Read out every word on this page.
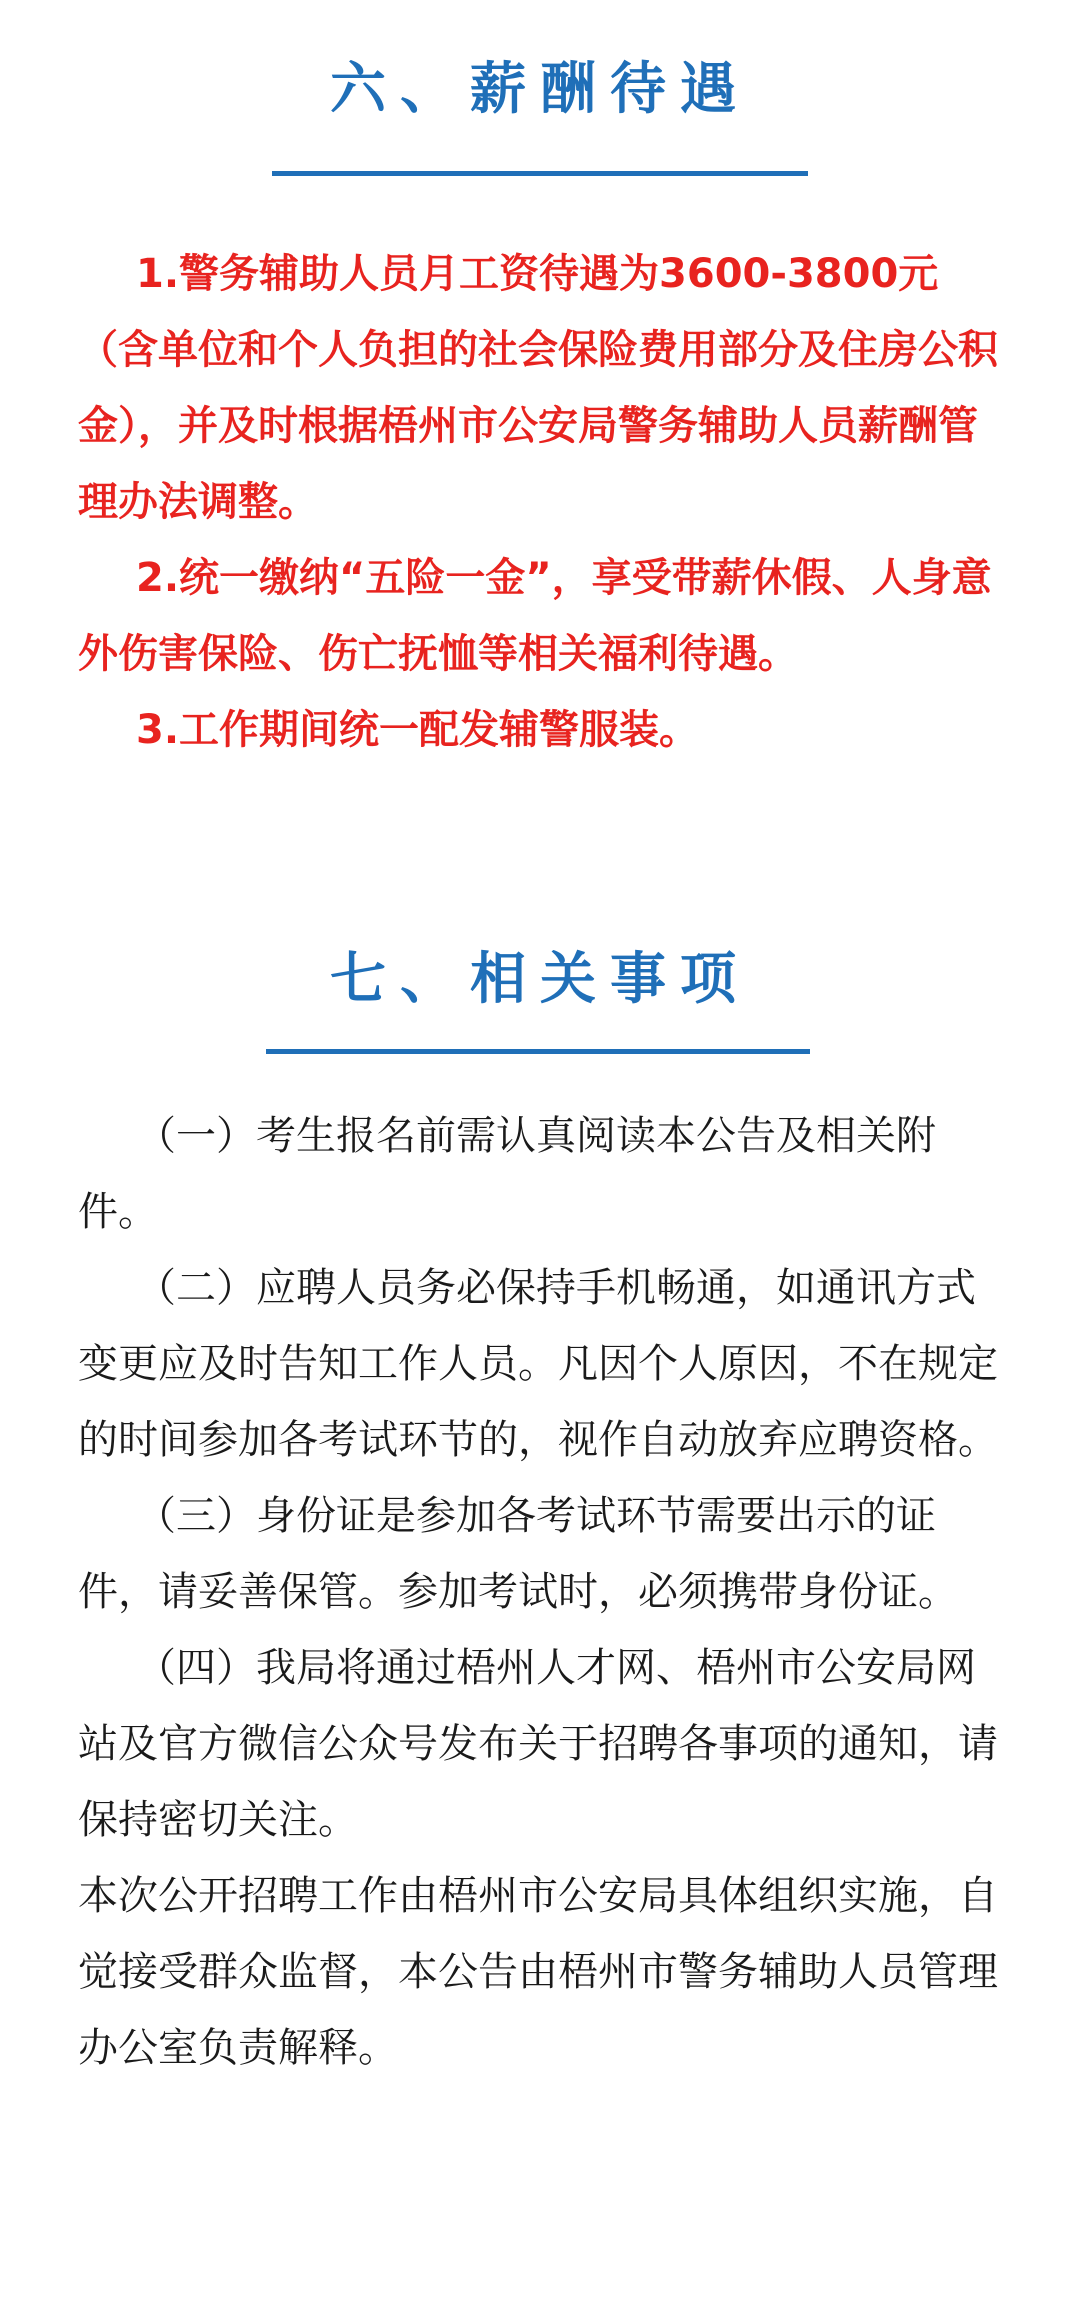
六、薪酬待遇

1.警务辅助人员月工资待遇为3600-3800元（含单位和个人负担的社会保险费用部分及住房公积金），并及时根据梧州市公安局警务辅助人员薪酬管理办法调整。

2.统一缴纳“五险一金”，享受带薪休假、人身意外伤害保险、伤亡抚恤等相关福利待遇。

3.工作期间统一配发辅警服装。

七、相关事项

（一）考生报名前需认真阅读本公告及相关附件。

（二）应聘人员务必保持手机畅通，如通讯方式变更应及时告知工作人员。凡因个人原因，不在规定的时间参加各考试环节的，视作自动放弃应聘资格。

（三）身份证是参加各考试环节需要出示的证件，请妥善保管。参加考试时，必须携带身份证。

（四）我局将通过梧州人才网、梧州市公安局网站及官方微信公众号发布关于招聘各事项的通知，请保持密切关注。

本次公开招聘工作由梧州市公安局具体组织实施，自觉接受群众监督，本公告由梧州市警务辅助人员管理办公室负责解释。
